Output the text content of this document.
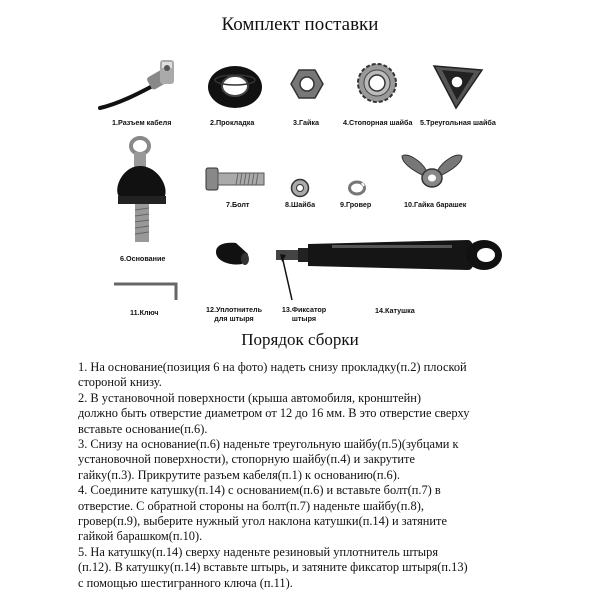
Комплект поставки
1.Разъем кабеля	2.Прокладка	3.Гайка	4.Стопорная шайба 5.Треугольная шайба
6.Основание
7.Болт	8.Шайба	9.Гровер	10.Гайка барашек
11.Ключ	12.Уплотнитель
для штыря
13.Фиксатор
штыря
14.Катушка
Порядок сборки
1. На основание(позиция 6 на фото) надеть снизу прокладку(п.2) плоской
стороной книзу.
2. В установочной поверхности (крыша автомобиля, кронштейн)
должно быть отверстие диаметром от 12 до 16 мм. В это отверстие сверху
вставьте основание(п.6).
3. Снизу на основание(п.6) наденьте треугольную шайбу(п.5)(зубцами к
установочной поверхности), стопорную шайбу(п.4) и закрутите
гайку(п.3). Прикрутите разъем кабеля(п.1) к основанию(п.6).
4. Соедините катушку(п.14) с основанием(п.6) и вставьте болт(п.7) в
отверстие. С обратной стороны на болт(п.7) наденьте шайбу(п.8),
гровер(п.9), выберите нужный угол наклона катушки(п.14) и затяните
гайкой барашком(п.10).
5. На катушку(п.14) сверху наденьте резиновый уплотнитель штыря
(п.12). В катушку(п.14) вставьте штырь, и затяните фиксатор штыря(п.13)
с помощью шестигранного ключа (п.11).
